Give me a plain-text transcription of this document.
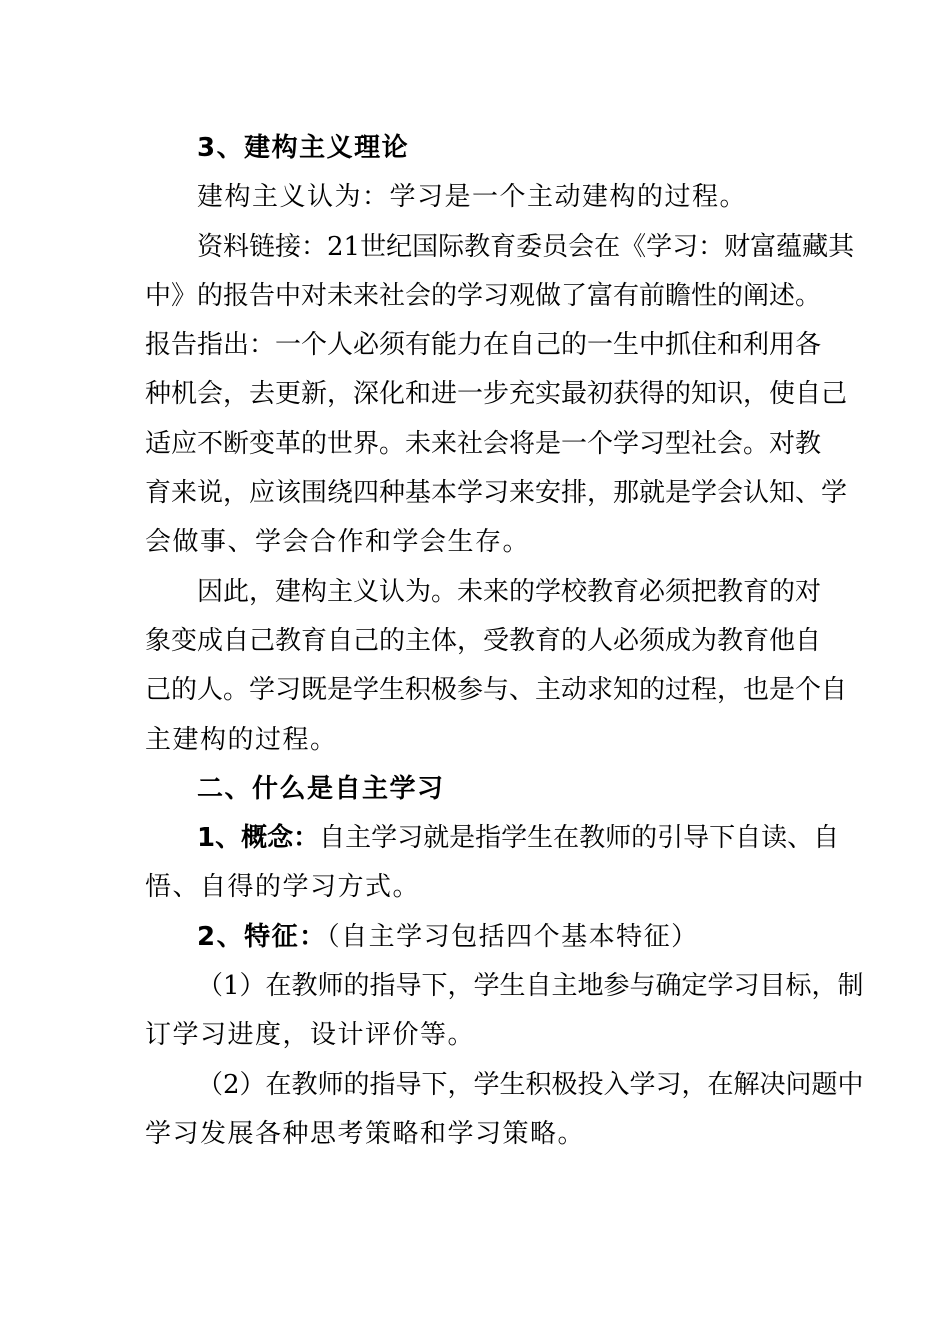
3、建构主义理论
建构主义认为：学习是一个主动建构的过程。
资料链接：21世纪国际教育委员会在《学习：财富蕴藏其
中》的报告中对未来社会的学习观做了富有前瞻性的阐述。
报告指出：一个人必须有能力在自己的一生中抓住和利用各
种机会，去更新，深化和进一步充实最初获得的知识，使自己
适应不断变革的世界。未来社会将是一个学习型社会。对教
育来说，应该围绕四种基本学习来安排，那就是学会认知、学
会做事、学会合作和学会生存。
因此，建构主义认为。未来的学校教育必须把教育的对
象变成自己教育自己的主体，受教育的人必须成为教育他自
己的人。学习既是学生积极参与、主动求知的过程，也是个自
主建构的过程。
二、什么是自主学习
1、概念：自主学习就是指学生在教师的引导下自读、自
悟、自得的学习方式。
2、特征：（自主学习包括四个基本特征）
（1）在教师的指导下，学生自主地参与确定学习目标，制
订学习进度，设计评价等。
（2）在教师的指导下，学生积极投入学习，在解决问题中
学习发展各种思考策略和学习策略。
